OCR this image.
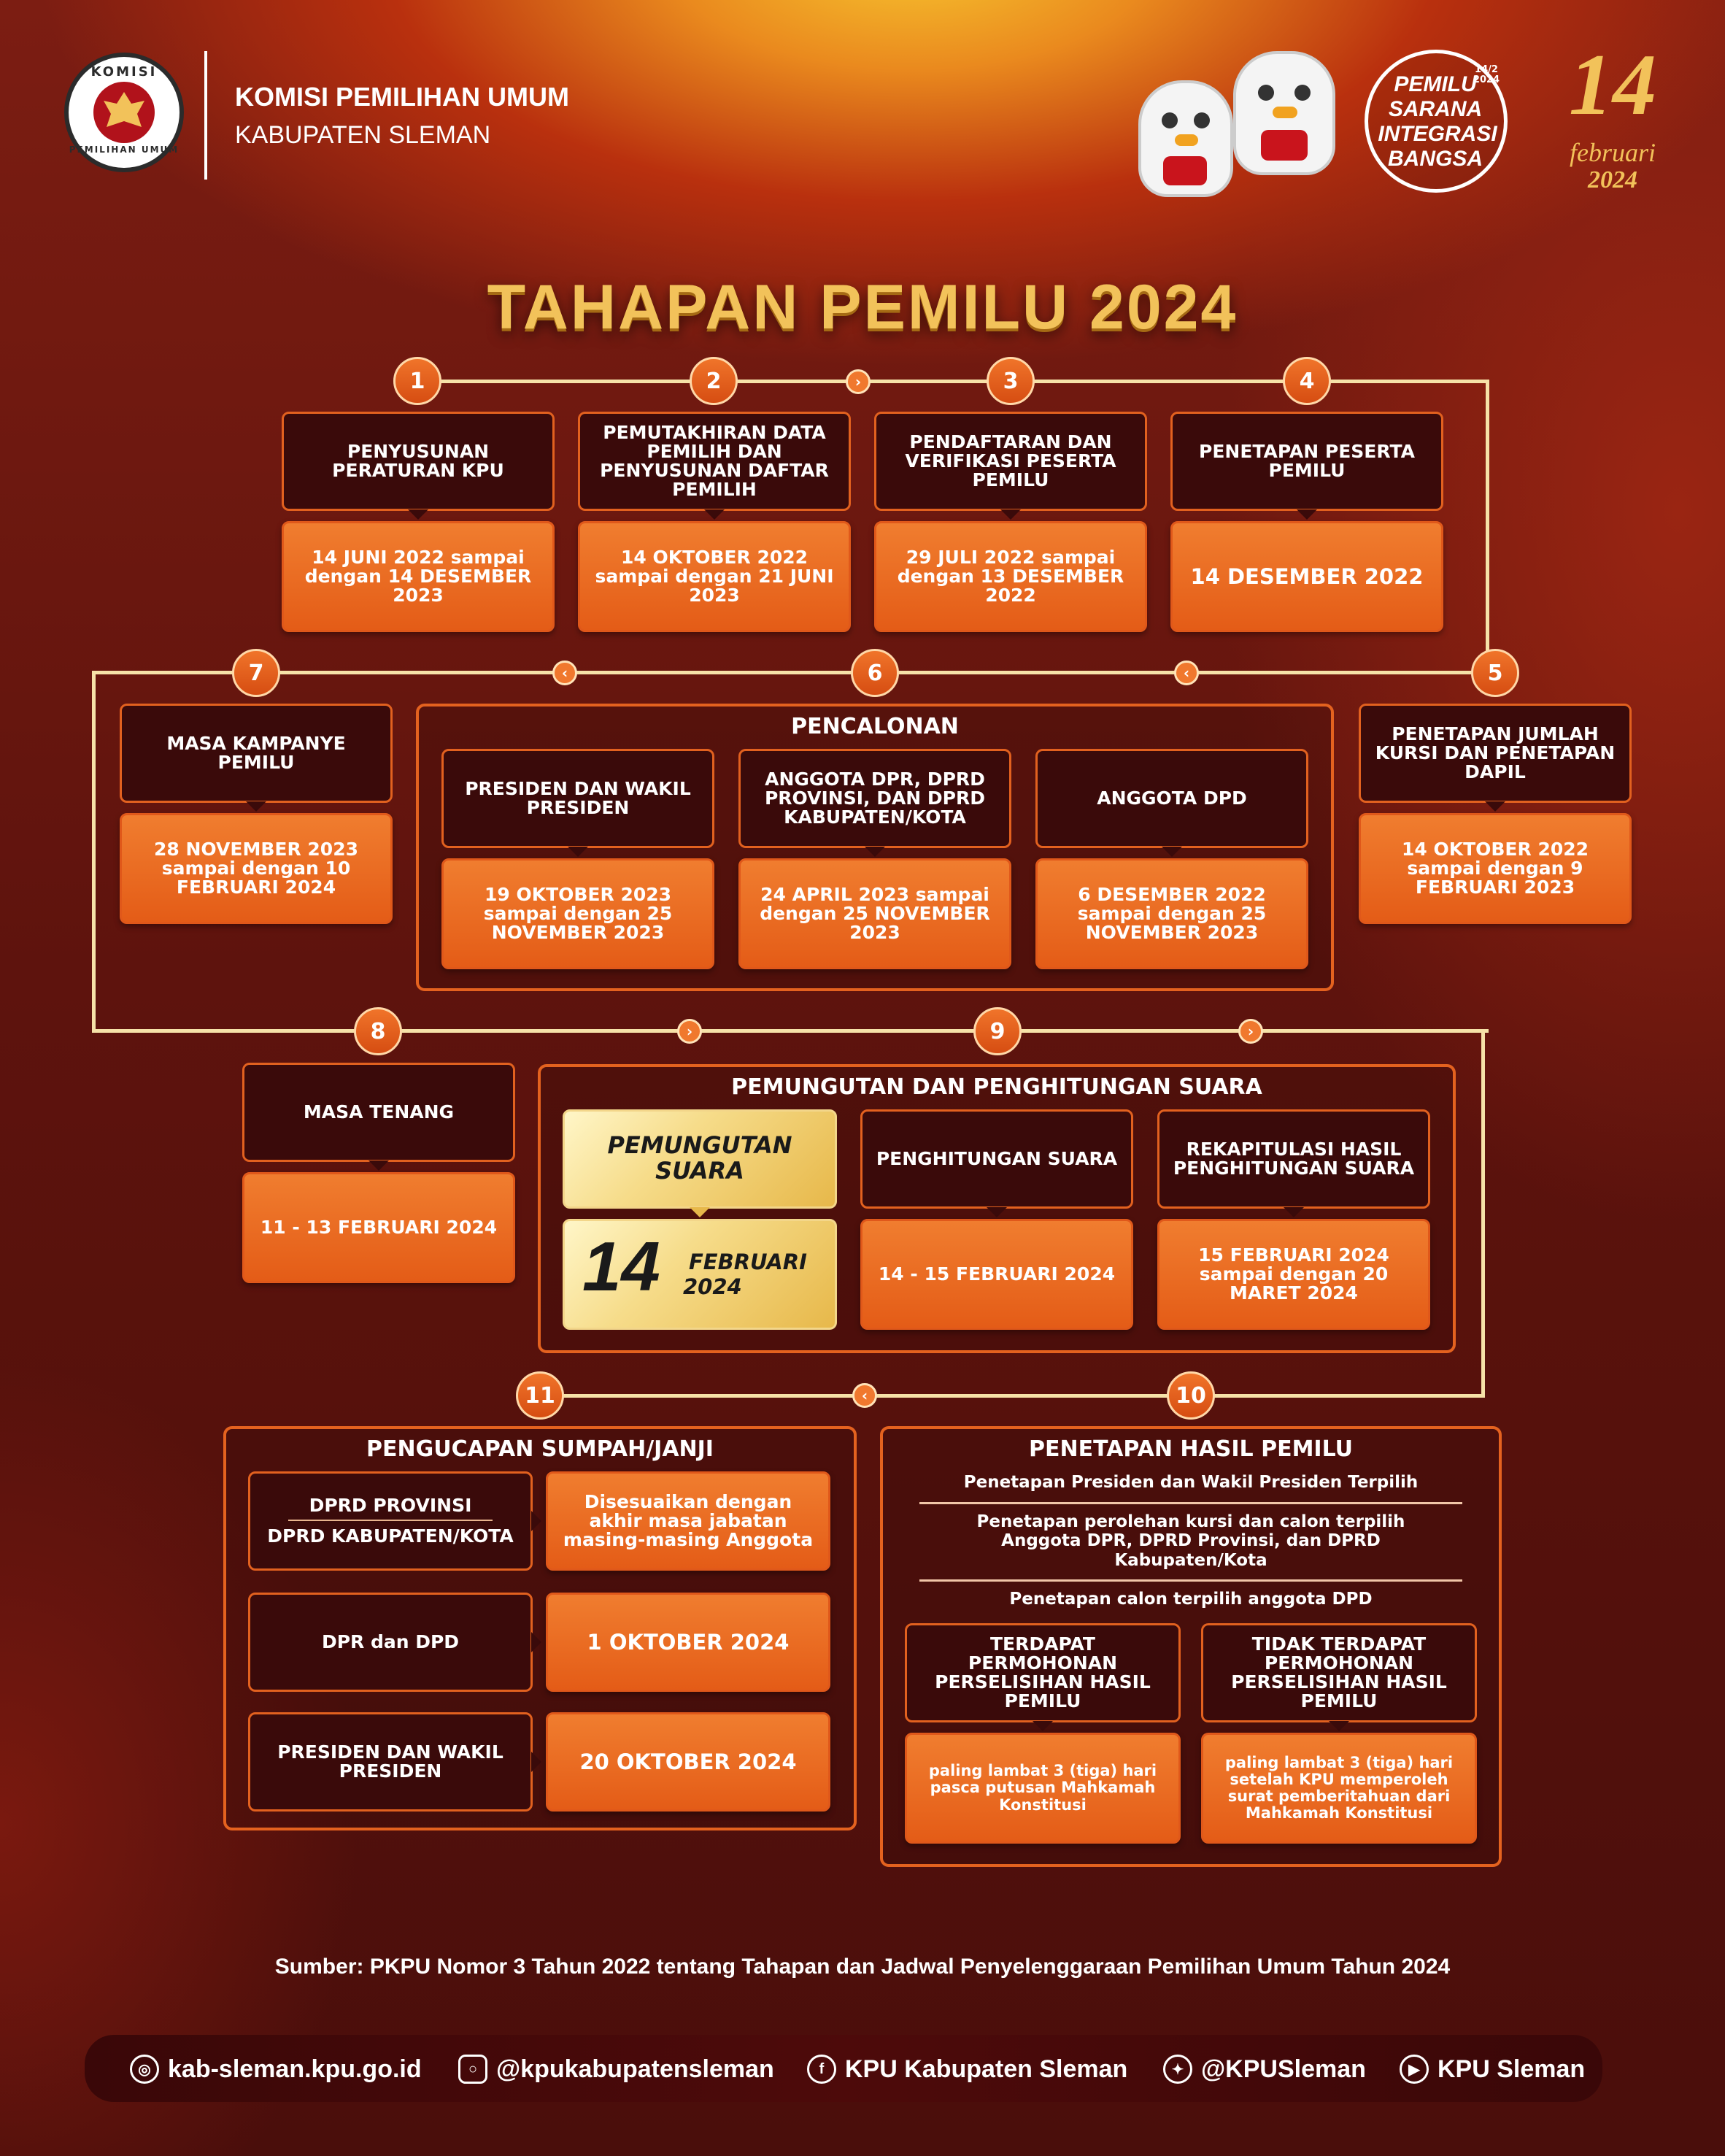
KOMISI
PEMILIHAN UMUM
KOMISI PEMILIHAN UMUM
KABUPATEN SLEMAN
PEMILU
SARANA
INTEGRASI
BANGSA
14/2 2024 14
februari
2024
TAHAPAN PEMILU 2024
1	2	3	4
5
6
7
8	9
10
11
›
‹	‹
›	›
‹
PENYUSUNAN PERATURAN KPU
14 JUNI 2022 sampai dengan 14 DESEMBER 2023
PEMUTAKHIRAN DATA PEMILIH DAN PENYUSUNAN DAFTAR PEMILIH
14 OKTOBER 2022 sampai dengan 21 JUNI 2023
PENDAFTARAN DAN VERIFIKASI PESERTA PEMILU
29 JULI 2022 sampai dengan 13 DESEMBER 2022
PENETAPAN PESERTA PEMILU
14 DESEMBER 2022
MASA KAMPANYE PEMILU
28 NOVEMBER 2023 sampai dengan 10 FEBRUARI 2024
PENCALONAN
PRESIDEN DAN WAKIL PRESIDEN
19 OKTOBER 2023 sampai dengan 25 NOVEMBER 2023
ANGGOTA DPR, DPRD PROVINSI, DAN DPRD KABUPATEN/KOTA
24 APRIL 2023 sampai dengan 25 NOVEMBER 2023
ANGGOTA DPD
6 DESEMBER 2022 sampai dengan 25 NOVEMBER 2023
PENETAPAN JUMLAH KURSI DAN PENETAPAN DAPIL
14 OKTOBER 2022 sampai dengan 9 FEBRUARI 2023
MASA TENANG
11 - 13 FEBRUARI 2024
PEMUNGUTAN DAN PENGHITUNGAN SUARA
PEMUNGUTAN SUARA
14 FEBRUARI
2024
PENGHITUNGAN SUARA
14 - 15 FEBRUARI 2024
REKAPITULASI HASIL PENGHITUNGAN SUARA
15 FEBRUARI 2024 sampai dengan 20 MARET 2024
PENGUCAPAN SUMPAH/JANJI
DPRD PROVINSI
DPRD KABUPATEN/KOTA
Disesuaikan dengan akhir masa jabatan masing-masing Anggota
DPR dan DPD	1 OKTOBER 2024
PRESIDEN DAN WAKIL PRESIDEN	20 OKTOBER 2024
PENETAPAN HASIL PEMILU
Penetapan Presiden dan Wakil Presiden Terpilih
Penetapan perolehan kursi dan calon terpilih Anggota DPR, DPRD Provinsi, dan DPRD Kabupaten/Kota
Penetapan calon terpilih anggota DPD
TERDAPAT PERMOHONAN PERSELISIHAN HASIL PEMILU
paling lambat 3 (tiga) hari pasca putusan Mahkamah Konstitusi
TIDAK TERDAPAT PERMOHONAN PERSELISIHAN HASIL PEMILU
paling lambat 3 (tiga) hari setelah KPU memperoleh surat pemberitahuan dari Mahkamah Konstitusi
Sumber: PKPU Nomor 3 Tahun 2022 tentang Tahapan dan Jadwal Penyelenggaraan Pemilihan Umum Tahun 2024
◎ kab-sleman.kpu.go.id	○ @kpukabupatensleman	f KPU Kabupaten Sleman	✦ @KPUSleman	▶ KPU Sleman
